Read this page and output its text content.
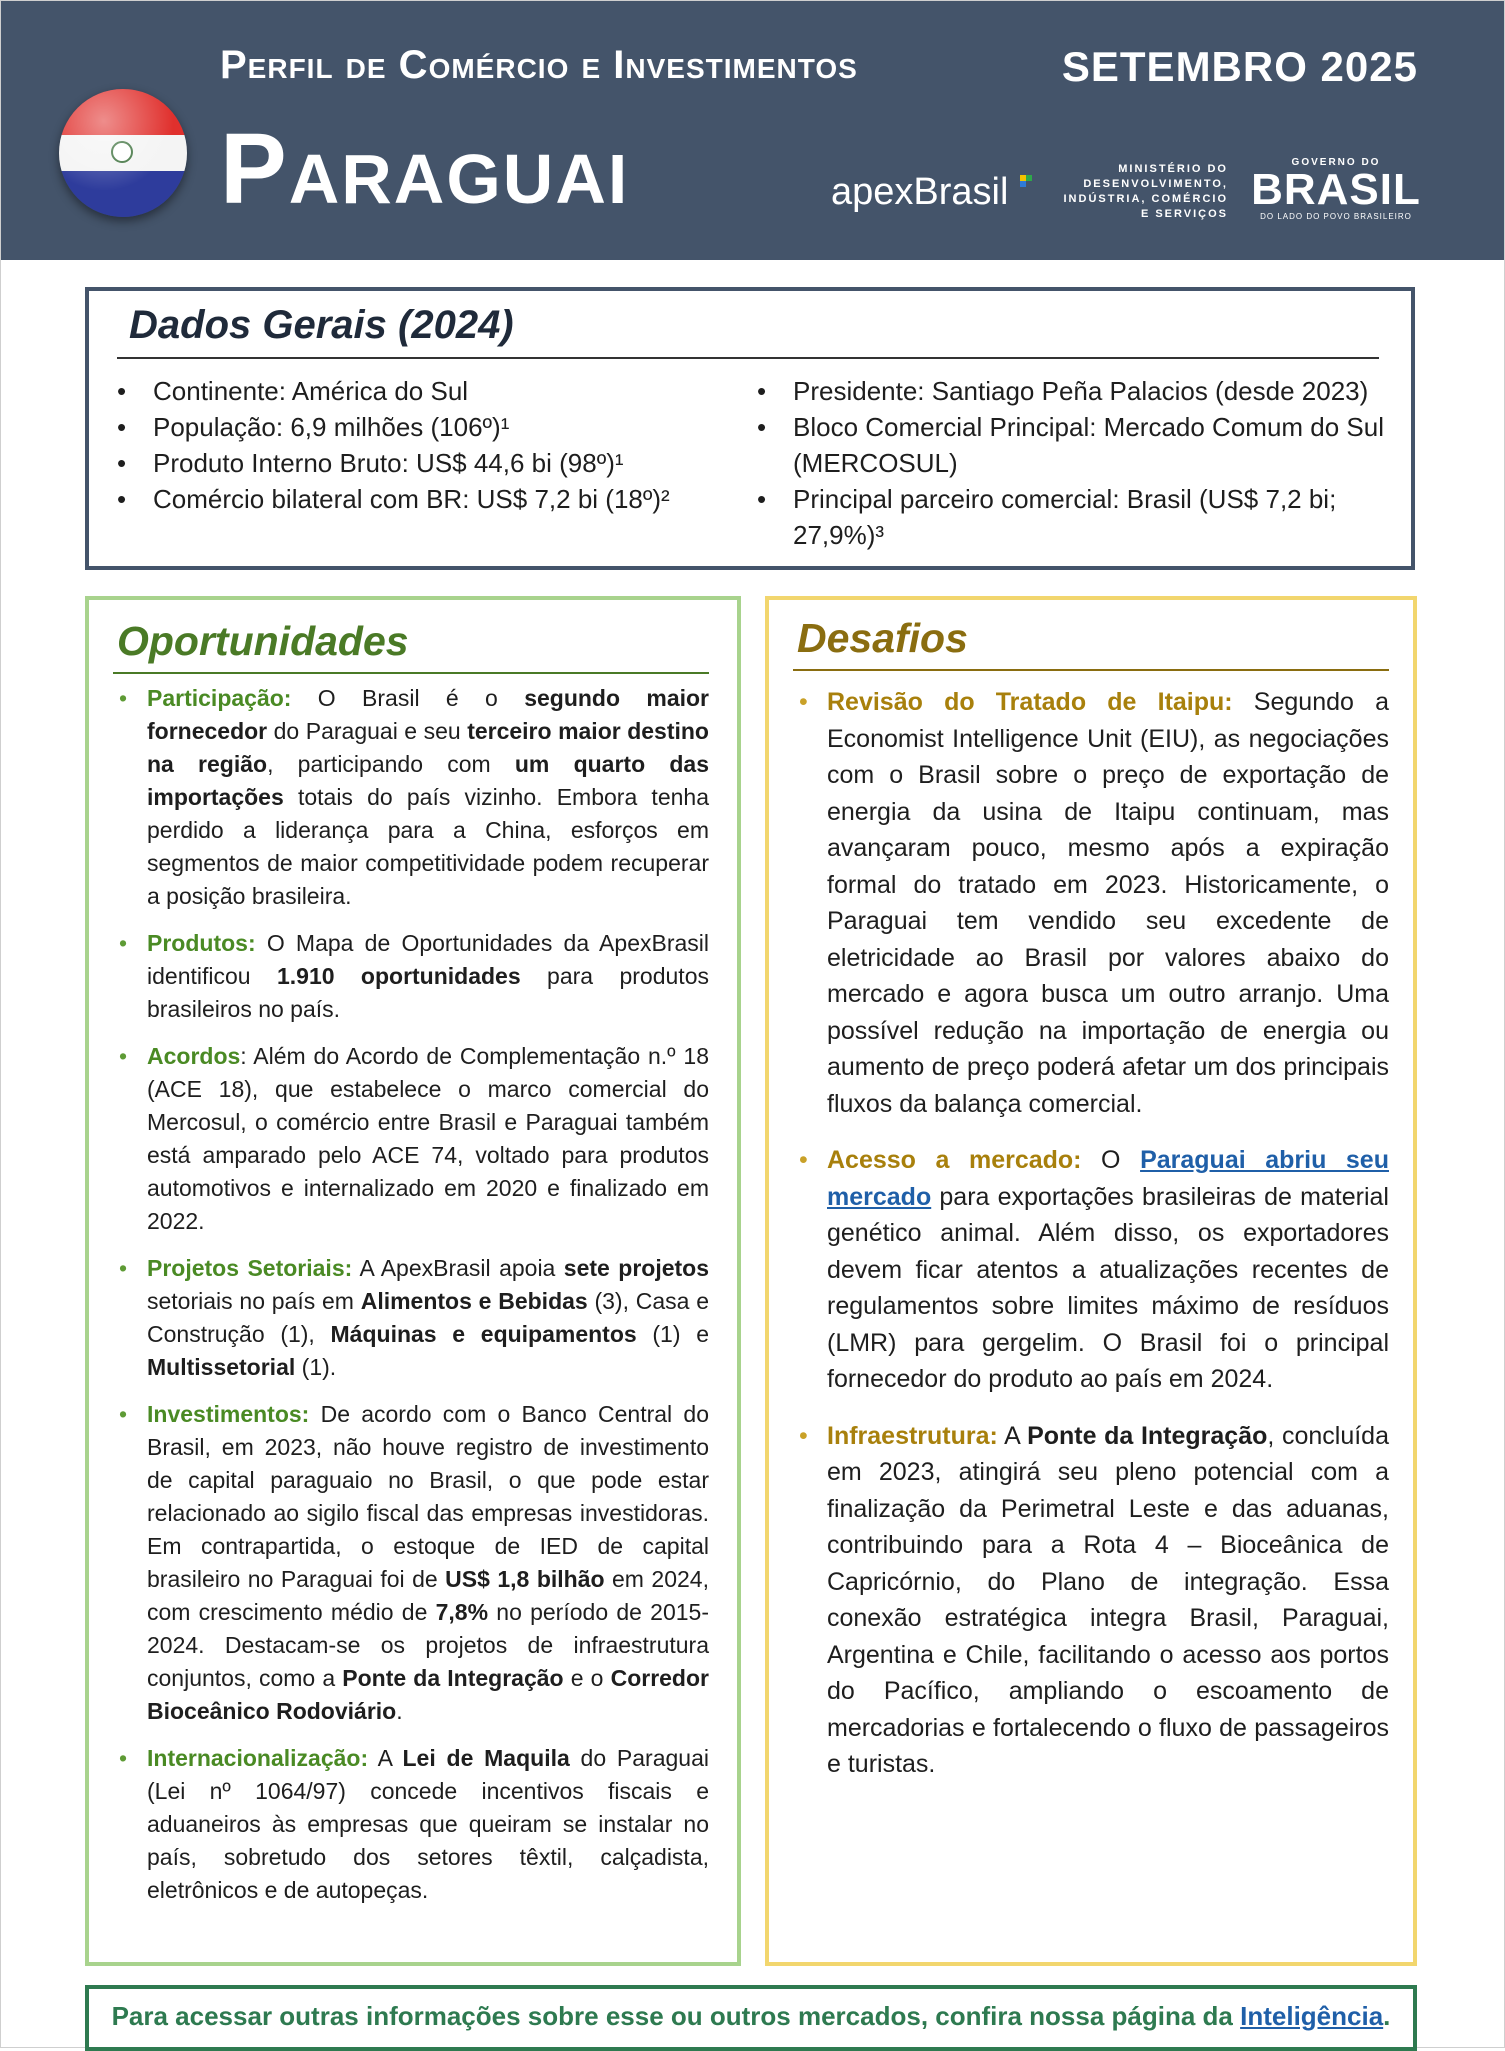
Perfil de Comércio e Investimentos	SETEMBRO 2025
Paraguai	apexBrasil
MINISTÉRIO DO
DESENVOLVIMENTO,
INDÚSTRIA, COMÉRCIO
E SERVIÇOS
GOVERNO DO
BRASIL
DO LADO DO POVO BRASILEIRO
Dados Gerais (2024)
• Continente: América do Sul
• População: 6,9 milhões (106º)¹
• Produto Interno Bruto: US$ 44,6 bi (98º)¹
• Comércio bilateral com BR: US$ 7,2 bi (18º)²
• Presidente: Santiago Peña Palacios (desde 2023)
• Bloco Comercial Principal: Mercado Comum do Sul (MERCOSUL)
• Principal parceiro comercial: Brasil (US$ 7,2 bi; 27,9%)³
Oportunidades
• Participação: O Brasil é o segundo maior fornecedor do Paraguai e seu terceiro maior destino na região, participando com um quarto das importações totais do país vizinho. Embora tenha perdido a liderança para a China, esforços em segmentos de maior competitividade podem recuperar a posição brasileira.
• Produtos: O Mapa de Oportunidades da ApexBrasil identificou 1.910 oportunidades para produtos brasileiros no país.
• Acordos: Além do Acordo de Complementação n.º 18 (ACE 18), que estabelece o marco comercial do Mercosul, o comércio entre Brasil e Paraguai também está amparado pelo ACE 74, voltado para produtos automotivos e internalizado em 2020 e finalizado em 2022.
• Projetos Setoriais: A ApexBrasil apoia sete projetos setoriais no país em Alimentos e Bebidas (3), Casa e Construção (1), Máquinas e equipamentos (1) e Multissetorial (1).
• Investimentos: De acordo com o Banco Central do Brasil, em 2023, não houve registro de investimento de capital paraguaio no Brasil, o que pode estar relacionado ao sigilo fiscal das empresas investidoras. Em contrapartida, o estoque de IED de capital brasileiro no Paraguai foi de US$ 1,8 bilhão em 2024, com crescimento médio de 7,8% no período de 2015-2024. Destacam-se os projetos de infraestrutura conjuntos, como a Ponte da Integração e o Corredor Bioceânico Rodoviário.
• Internacionalização: A Lei de Maquila do Paraguai (Lei nº 1064/97) concede incentivos fiscais e aduaneiros às empresas que queiram se instalar no país, sobretudo dos setores têxtil, calçadista, eletrônicos e de autopeças.
Desafios
• Revisão do Tratado de Itaipu: Segundo a Economist Intelligence Unit (EIU), as negociações com o Brasil sobre o preço de exportação de energia da usina de Itaipu continuam, mas avançaram pouco, mesmo após a expiração formal do tratado em 2023. Historicamente, o Paraguai tem vendido seu excedente de eletricidade ao Brasil por valores abaixo do mercado e agora busca um outro arranjo. Uma possível redução na importação de energia ou aumento de preço poderá afetar um dos principais fluxos da balança comercial.
• Acesso a mercado: O Paraguai abriu seu mercado para exportações brasileiras de material genético animal. Além disso, os exportadores devem ficar atentos a atualizações recentes de regulamentos sobre limites máximo de resíduos (LMR) para gergelim. O Brasil foi o principal fornecedor do produto ao país em 2024.
• Infraestrutura: A Ponte da Integração, concluída em 2023, atingirá seu pleno potencial com a finalização da Perimetral Leste e das aduanas, contribuindo para a Rota 4 – Bioceânica de Capricórnio, do Plano de integração. Essa conexão estratégica integra Brasil, Paraguai, Argentina e Chile, facilitando o acesso aos portos do Pacífico, ampliando o escoamento de mercadorias e fortalecendo o fluxo de passageiros e turistas.
Para acessar outras informações sobre esse ou outros mercados, confira nossa página da Inteligência.
